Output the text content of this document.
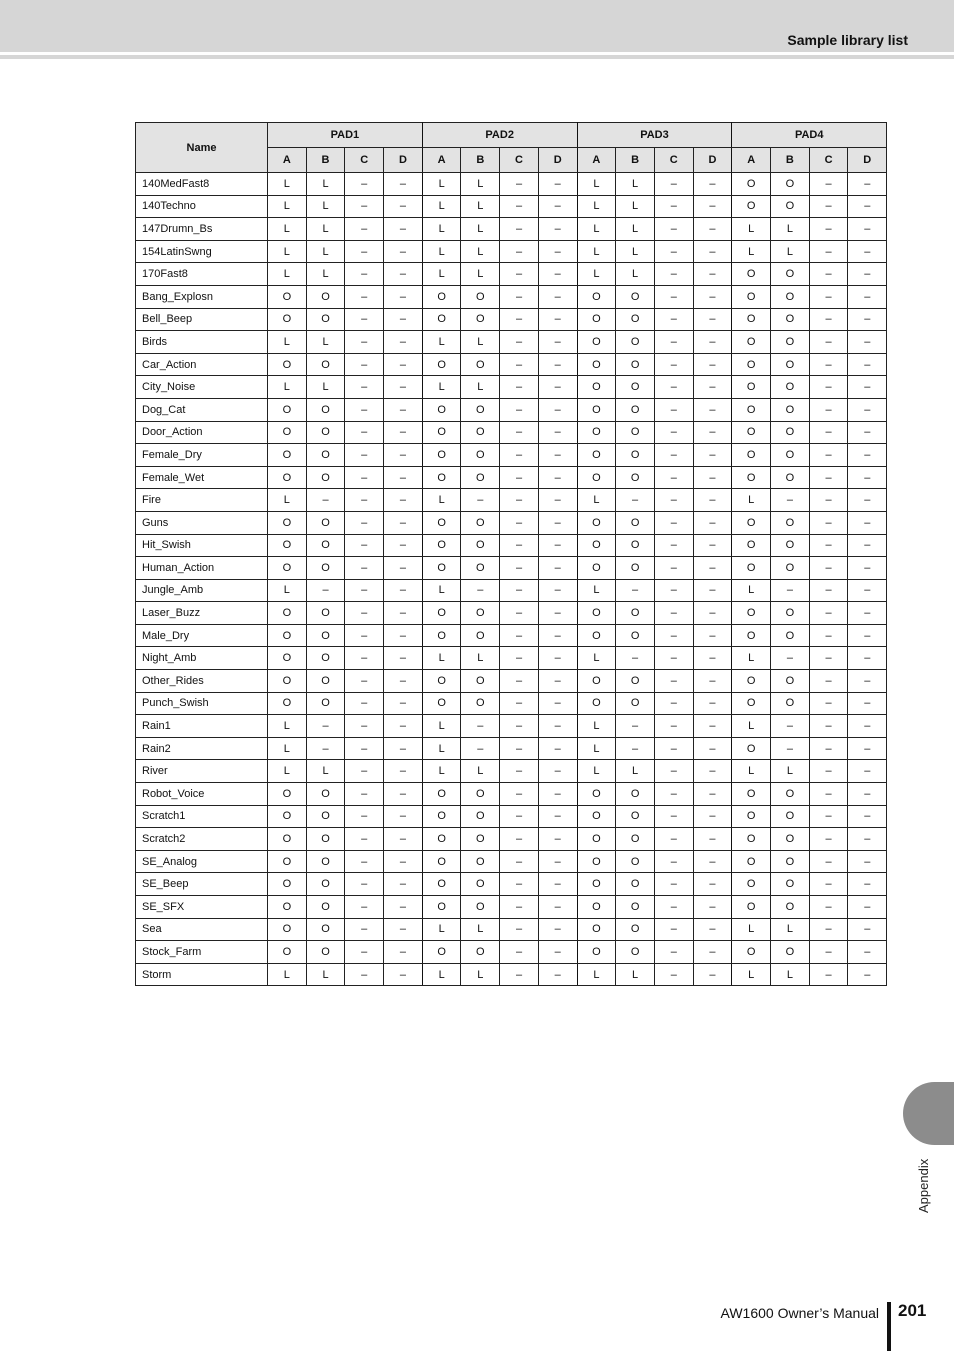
Sample library list
Name	PAD1				PAD2				PAD3				PAD4			
	A	B	C	D	A	B	C	D	A	B	C	D	A	B	C	D
140MedFast8	L	L	–	–	L	L	–	–	L	L	–	–	O	O	–	–
140Techno	L	L	–	–	L	L	–	–	L	L	–	–	O	O	–	–
147Drumn_Bs	L	L	–	–	L	L	–	–	L	L	–	–	L	L	–	–
154LatinSwng	L	L	–	–	L	L	–	–	L	L	–	–	L	L	–	–
170Fast8	L	L	–	–	L	L	–	–	L	L	–	–	O	O	–	–
Bang_Explosn	O	O	–	–	O	O	–	–	O	O	–	–	O	O	–	–
Bell_Beep	O	O	–	–	O	O	–	–	O	O	–	–	O	O	–	–
Birds	L	L	–	–	L	L	–	–	O	O	–	–	O	O	–	–
Car_Action	O	O	–	–	O	O	–	–	O	O	–	–	O	O	–	–
City_Noise	L	L	–	–	L	L	–	–	O	O	–	–	O	O	–	–
Dog_Cat	O	O	–	–	O	O	–	–	O	O	–	–	O	O	–	–
Door_Action	O	O	–	–	O	O	–	–	O	O	–	–	O	O	–	–
Female_Dry	O	O	–	–	O	O	–	–	O	O	–	–	O	O	–	–
Female_Wet	O	O	–	–	O	O	–	–	O	O	–	–	O	O	–	–
Fire	L	–	–	–	L	–	–	–	L	–	–	–	L	–	–	–
Guns	O	O	–	–	O	O	–	–	O	O	–	–	O	O	–	–
Hit_Swish	O	O	–	–	O	O	–	–	O	O	–	–	O	O	–	–
Human_Action	O	O	–	–	O	O	–	–	O	O	–	–	O	O	–	–
Jungle_Amb	L	–	–	–	L	–	–	–	L	–	–	–	L	–	–	–
Laser_Buzz	O	O	–	–	O	O	–	–	O	O	–	–	O	O	–	–
Male_Dry	O	O	–	–	O	O	–	–	O	O	–	–	O	O	–	–
Night_Amb	O	O	–	–	L	L	–	–	L	–	–	–	L	–	–	–
Other_Rides	O	O	–	–	O	O	–	–	O	O	–	–	O	O	–	–
Punch_Swish	O	O	–	–	O	O	–	–	O	O	–	–	O	O	–	–
Rain1	L	–	–	–	L	–	–	–	L	–	–	–	L	–	–	–
Rain2	L	–	–	–	L	–	–	–	L	–	–	–	O	–	–	–
River	L	L	–	–	L	L	–	–	L	L	–	–	L	L	–	–
Robot_Voice	O	O	–	–	O	O	–	–	O	O	–	–	O	O	–	–
Scratch1	O	O	–	–	O	O	–	–	O	O	–	–	O	O	–	–
Scratch2	O	O	–	–	O	O	–	–	O	O	–	–	O	O	–	–
SE_Analog	O	O	–	–	O	O	–	–	O	O	–	–	O	O	–	–
SE_Beep	O	O	–	–	O	O	–	–	O	O	–	–	O	O	–	–
SE_SFX	O	O	–	–	O	O	–	–	O	O	–	–	O	O	–	–
Sea	O	O	–	–	L	L	–	–	O	O	–	–	L	L	–	–
Stock_Farm	O	O	–	–	O	O	–	–	O	O	–	–	O	O	–	–
Storm	L	L	–	–	L	L	–	–	L	L	–	–	L	L	–	–
Appendix
AW1600 Owner’s Manual 201
